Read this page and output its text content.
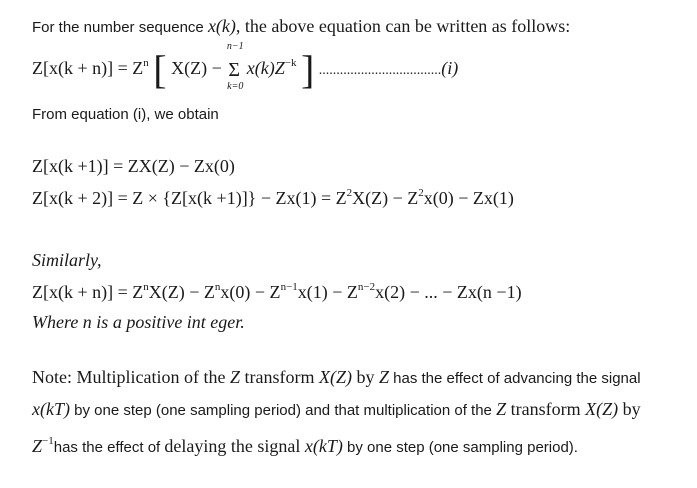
For the number sequence x(k), the above equation can be written as follows:
$Z[x(k + n)] = Z^n$ [ X(Z) −
n−1
Σ
k=0
$x(k)Z^{-k}$ ] ...................................(i)
From equation (i), we obtain
Z[x(k +1)] = ZX(Z) − Zx(0)
$Z[x(k + 2)] = Z \times \{Z[x(k +1)]\} - Zx(1) = Z^2X(Z) - Z^2x(0) - Zx(1)$
Similarly,
$Z[x(k + n)] = Z^nX(Z) - Z^nx(0) - Z^{n-1}x(1) - Z^{n-2}x(2)$ − ... − Zx(n −1)
Where n is a positive int eger.
Note: Multiplication of the Z transform X(Z) by Z has the effect of advancing the signal x(kT) by one step (one sampling period) and that multiplication of the Z transform X(Z) by $Z^{-1}has$ the effect of delaying the signal x(kT) by one step (one sampling period).
